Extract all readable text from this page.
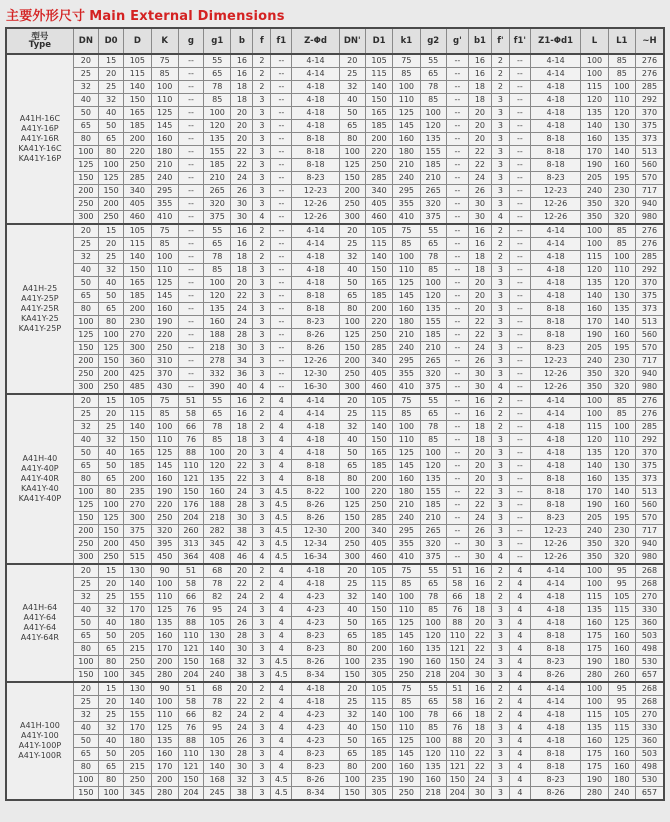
主要外形尺寸 Main External Dimensions
型号
Type	DN	D0	D	K	g	g1	b	f	f1	Z-Φd	DN'	D1	k1	g2	g'	b1	f'	f1'	Z1-Φd1	L	L1	~H

A41H-16C
A41Y-16P
A41Y-16R
KA41Y-16C
KA41Y-16P	20	15	105	75	--	55	16	2	--	4-14	20	105	75	55	--	16	2	--	4-14	100	85	276
	25	20	115	85	--	65	16	2	--	4-14	25	115	85	65	--	16	2	--	4-14	100	85	276
	32	25	140	100	--	78	18	2	--	4-18	32	140	100	78	--	18	2	--	4-18	115	100	285
	40	32	150	110	--	85	18	3	--	4-18	40	150	110	85	--	18	3	--	4-18	120	110	292
	50	40	165	125	--	100	20	3	--	4-18	50	165	125	100	--	20	3	--	4-18	135	120	370
	65	50	185	145	--	120	20	3	--	4-18	65	185	145	120	--	20	3	--	4-18	140	130	375
	80	65	200	160	--	135	20	3	--	8-18	80	200	160	135	--	20	3	--	8-18	160	135	373
	100	80	220	180	--	155	22	3	--	8-18	100	220	180	155	--	22	3	--	8-18	170	140	513
	125	100	250	210	--	185	22	3	--	8-18	125	250	210	185	--	22	3	--	8-18	190	160	560
	150	125	285	240	--	210	24	3	--	8-23	150	285	240	210	--	24	3	--	8-23	205	195	570
	200	150	340	295	--	265	26	3	--	12-23	200	340	295	265	--	26	3	--	12-23	240	230	717
	250	200	405	355	--	320	30	3	--	12-26	250	405	355	320	--	30	3	--	12-26	350	320	940
	300	250	460	410	--	375	30	4	--	12-26	300	460	410	375	--	30	4	--	12-26	350	320	980

A41H-25
A41Y-25P
A41Y-25R
KA41Y-25
KA41Y-25P	20	15	105	75	--	55	16	2	--	4-14	20	105	75	55	--	16	2	--	4-14	100	85	276
	25	20	115	85	--	65	16	2	--	4-14	25	115	85	65	--	16	2	--	4-14	100	85	276
	32	25	140	100	--	78	18	2	--	4-18	32	140	100	78	--	18	2	--	4-18	115	100	285
	40	32	150	110	--	85	18	3	--	4-18	40	150	110	85	--	18	3	--	4-18	120	110	292
	50	40	165	125	--	100	20	3	--	4-18	50	165	125	100	--	20	3	--	4-18	135	120	370
	65	50	185	145	--	120	22	3	--	8-18	65	185	145	120	--	20	3	--	4-18	140	130	375
	80	65	200	160	--	135	24	3	--	8-18	80	200	160	135	--	20	3	--	8-18	160	135	373
	100	80	230	190	--	160	24	3	--	8-23	100	220	180	155	--	22	3	--	8-18	170	140	513
	125	100	270	220	--	188	28	3	--	8-26	125	250	210	185	--	22	3	--	8-18	190	160	560
	150	125	300	250	--	218	30	3	--	8-26	150	285	240	210	--	24	3	--	8-23	205	195	570
	200	150	360	310	--	278	34	3	--	12-26	200	340	295	265	--	26	3	--	12-23	240	230	717
	250	200	425	370	--	332	36	3	--	12-30	250	405	355	320	--	30	3	--	12-26	350	320	940
	300	250	485	430	--	390	40	4	--	16-30	300	460	410	375	--	30	4	--	12-26	350	320	980

A41H-40
A41Y-40P
A41Y-40R
KA41Y-40
KA41Y-40P	20	15	105	75	51	55	16	2	4	4-14	20	105	75	55	--	16	2	--	4-14	100	85	276
	25	20	115	85	58	65	16	2	4	4-14	25	115	85	65	--	16	2	--	4-14	100	85	276
	32	25	140	100	66	78	18	2	4	4-18	32	140	100	78	--	18	2	--	4-18	115	100	285
	40	32	150	110	76	85	18	3	4	4-18	40	150	110	85	--	18	3	--	4-18	120	110	292
	50	40	165	125	88	100	20	3	4	4-18	50	165	125	100	--	20	3	--	4-18	135	120	370
	65	50	185	145	110	120	22	3	4	8-18	65	185	145	120	--	20	3	--	4-18	140	130	375
	80	65	200	160	121	135	22	3	4	8-18	80	200	160	135	--	20	3	--	8-18	160	135	373
	100	80	235	190	150	160	24	3	4.5	8-22	100	220	180	155	--	22	3	--	8-18	170	140	513
	125	100	270	220	176	188	28	3	4.5	8-26	125	250	210	185	--	22	3	--	8-18	190	160	560
	150	125	300	250	204	218	30	3	4.5	8-26	150	285	240	210	--	24	3	--	8-23	205	195	570
	200	150	375	320	260	282	38	3	4.5	12-30	200	340	295	265	--	26	3	--	12-23	240	230	717
	250	200	450	395	313	345	42	3	4.5	12-34	250	405	355	320	--	30	3	--	12-26	350	320	940
	300	250	515	450	364	408	46	4	4.5	16-34	300	460	410	375	--	30	4	--	12-26	350	320	980

A41H-64
A41Y-64
A41Y-64
A41Y-64R	20	15	130	90	51	68	20	2	4	4-18	20	105	75	55	51	16	2	4	4-14	100	95	268
	25	20	140	100	58	78	22	2	4	4-18	25	115	85	65	58	16	2	4	4-14	100	95	268
	32	25	155	110	66	82	24	2	4	4-23	32	140	100	78	66	18	2	4	4-18	115	105	270
	40	32	170	125	76	95	24	3	4	4-23	40	150	110	85	76	18	3	4	4-18	135	115	330
	50	40	180	135	88	105	26	3	4	4-23	50	165	125	100	88	20	3	4	4-18	160	125	360
	65	50	205	160	110	130	28	3	4	8-23	65	185	145	120	110	22	3	4	8-18	175	160	503
	80	65	215	170	121	140	30	3	4	8-23	80	200	160	135	121	22	3	4	8-18	175	160	498
	100	80	250	200	150	168	32	3	4.5	8-26	100	235	190	160	150	24	3	4	8-23	190	180	530
	150	100	345	280	204	240	38	3	4.5	8-34	150	305	250	218	204	30	3	4	8-26	280	260	657

A41H-100
A41Y-100
A41Y-100P
A41Y-100R	20	15	130	90	51	68	20	2	4	4-18	20	105	75	55	51	16	2	4	4-14	100	95	268
	25	20	140	100	58	78	22	2	4	4-18	25	115	85	65	58	16	2	4	4-14	100	95	268
	32	25	155	110	66	82	24	2	4	4-23	32	140	100	78	66	18	2	4	4-18	115	105	270
	40	32	170	125	76	95	24	3	4	4-23	40	150	110	85	76	18	3	4	4-18	135	115	330
	50	40	180	135	88	105	26	3	4	4-23	50	165	125	100	88	20	3	4	4-18	160	125	360
	65	50	205	160	110	130	28	3	4	8-23	65	185	145	120	110	22	3	4	8-18	175	160	503
	80	65	215	170	121	140	30	3	4	8-23	80	200	160	135	121	22	3	4	8-18	175	160	498
	100	80	250	200	150	168	32	3	4.5	8-26	100	235	190	160	150	24	3	4	8-23	190	180	530
	150	100	345	280	204	245	38	3	4.5	8-34	150	305	250	218	204	30	3	4	8-26	280	240	657
